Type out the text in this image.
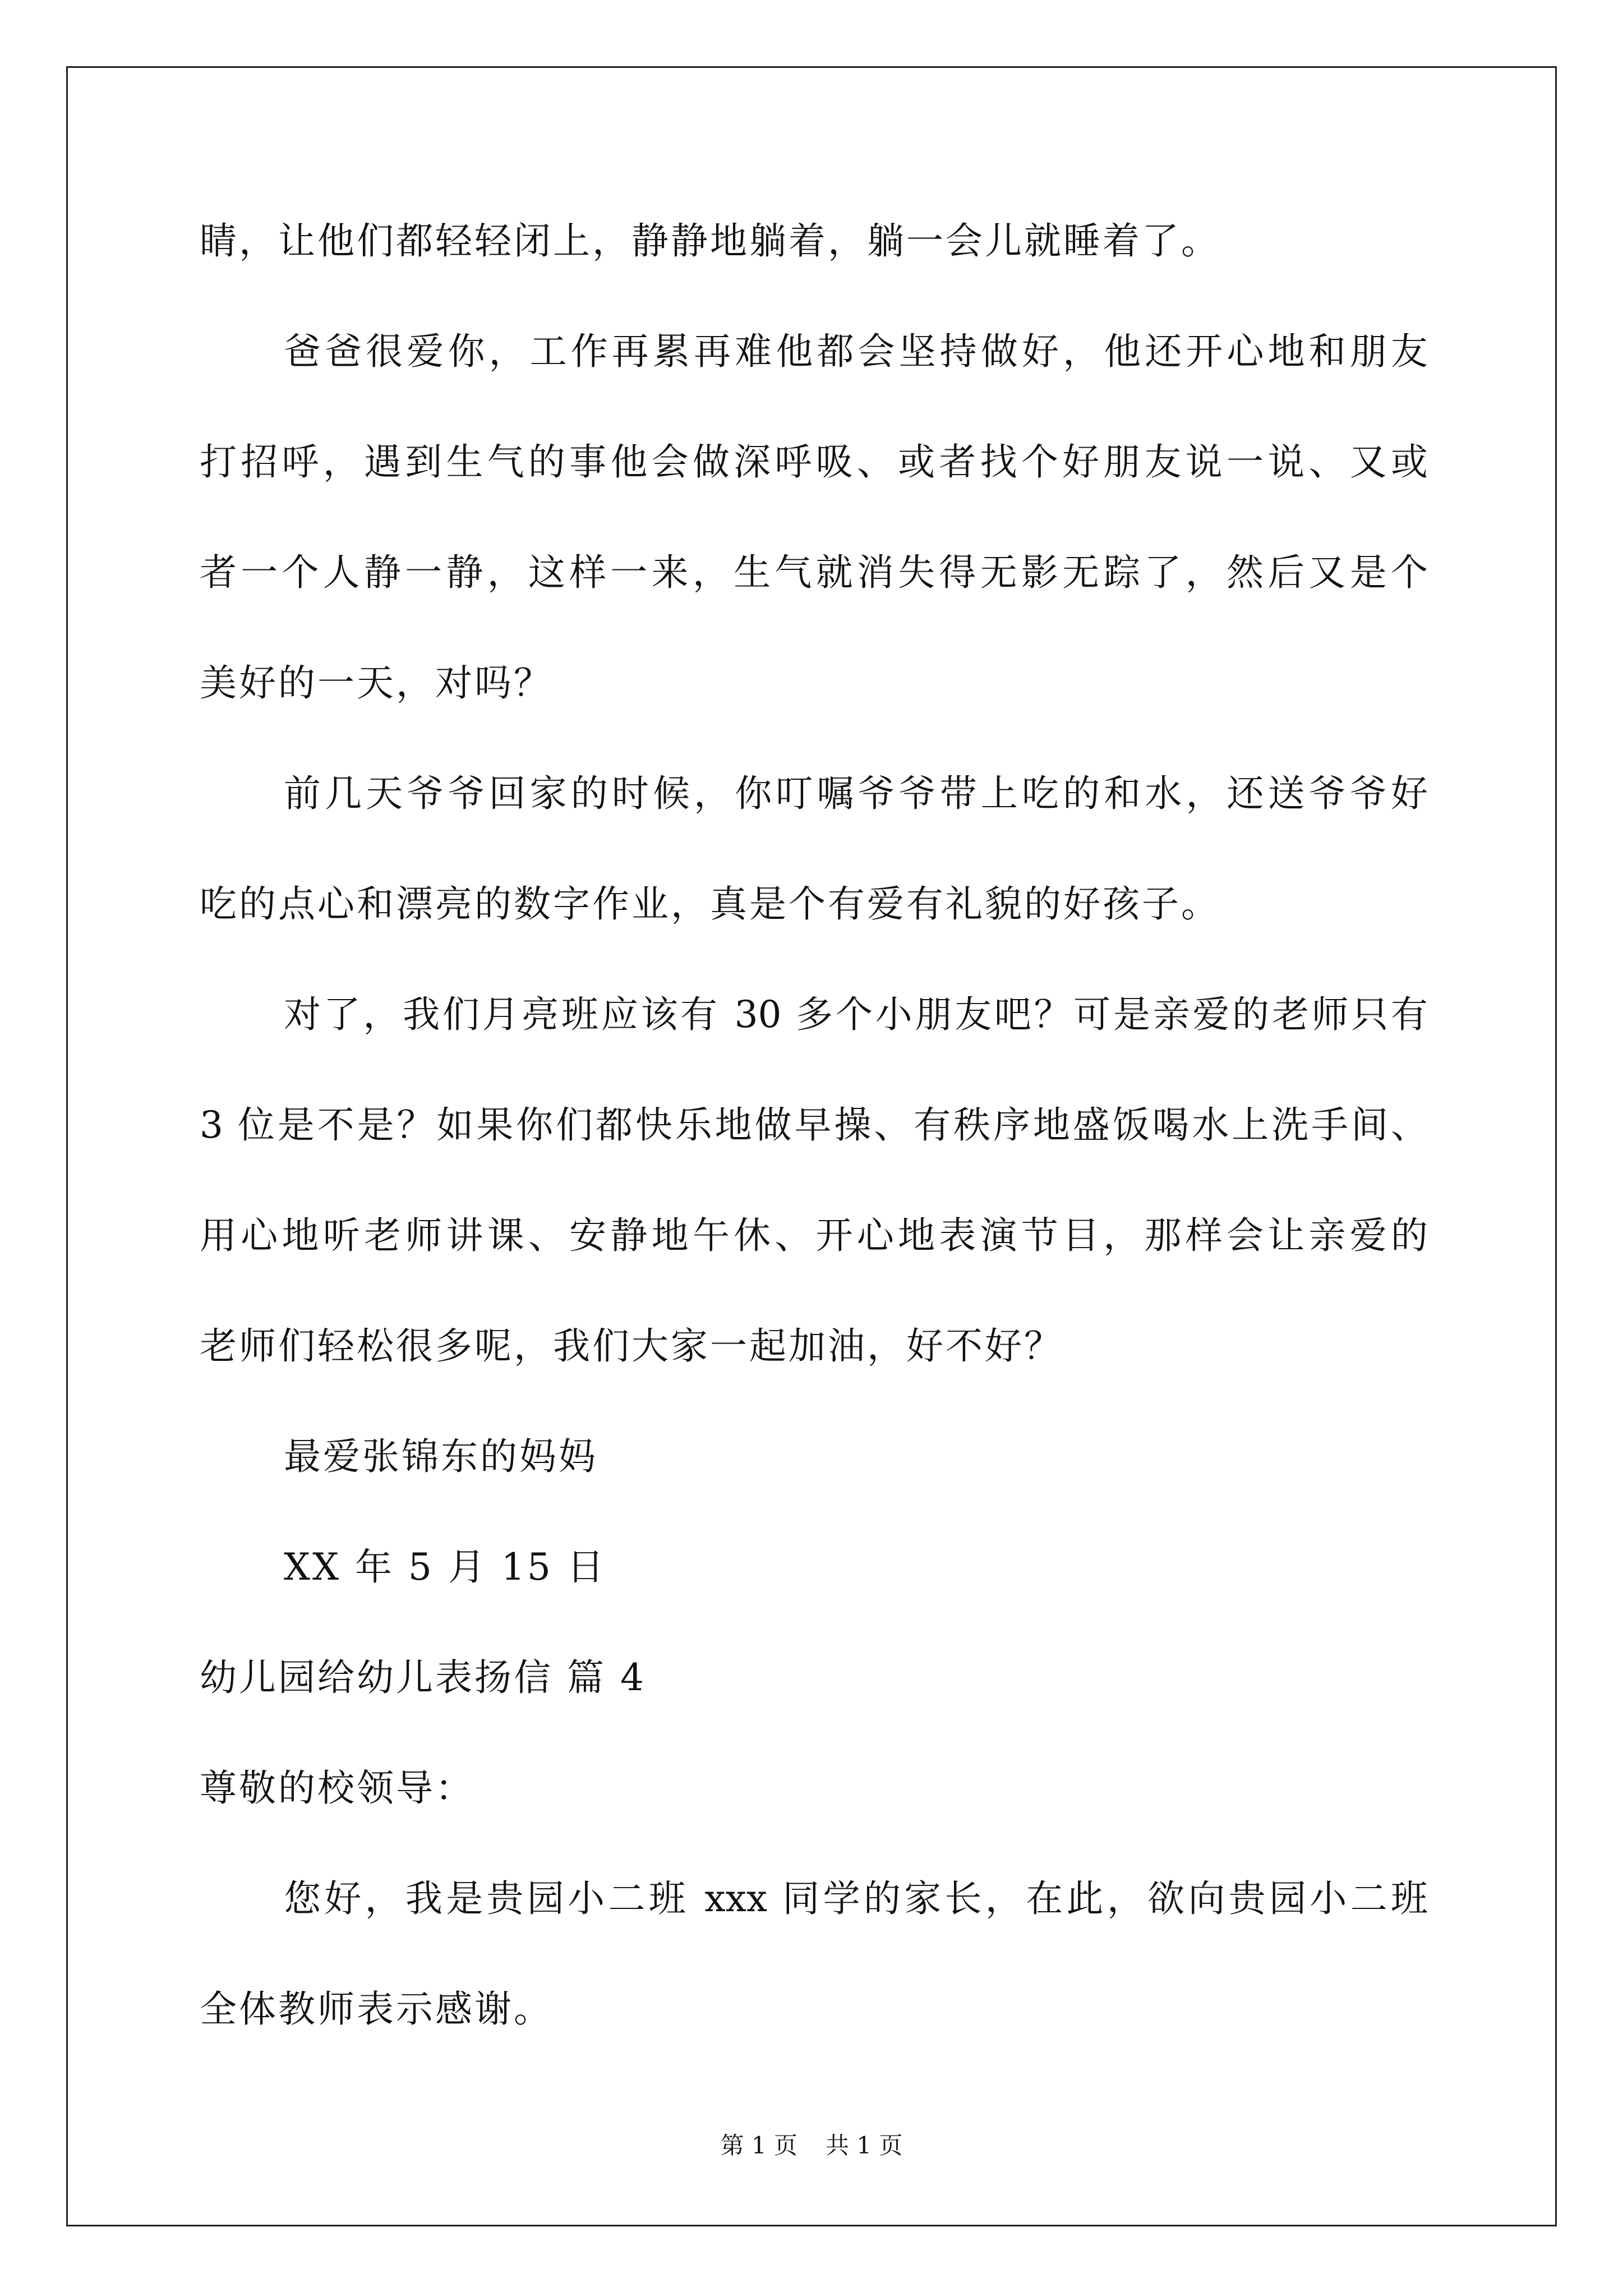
睛，让他们都轻轻闭上，静静地躺着，躺一会儿就睡着了。
爸爸很爱你，工作再累再难他都会坚持做好，他还开心地和朋友
打招呼，遇到生气的事他会做深呼吸、或者找个好朋友说一说、又或
者一个人静一静，这样一来，生气就消失得无影无踪了，然后又是个
美好的一天，对吗？
前几天爷爷回家的时候，你叮嘱爷爷带上吃的和水，还送爷爷好
吃的点心和漂亮的数字作业，真是个有爱有礼貌的好孩子。
对了，我们月亮班应该有 30 多个小朋友吧？可是亲爱的老师只有
3 位是不是？如果你们都快乐地做早操、有秩序地盛饭喝水上洗手间、
用心地听老师讲课、安静地午休、开心地表演节目，那样会让亲爱的
老师们轻松很多呢，我们大家一起加油，好不好？
最爱张锦东的妈妈
XX 年 5 月 15 日
幼儿园给幼儿表扬信 篇 4
尊敬的校领导：
您好，我是贵园小二班 xxx 同学的家长，在此，欲向贵园小二班
全体教师表示感谢。
第 1 页 共 1 页
